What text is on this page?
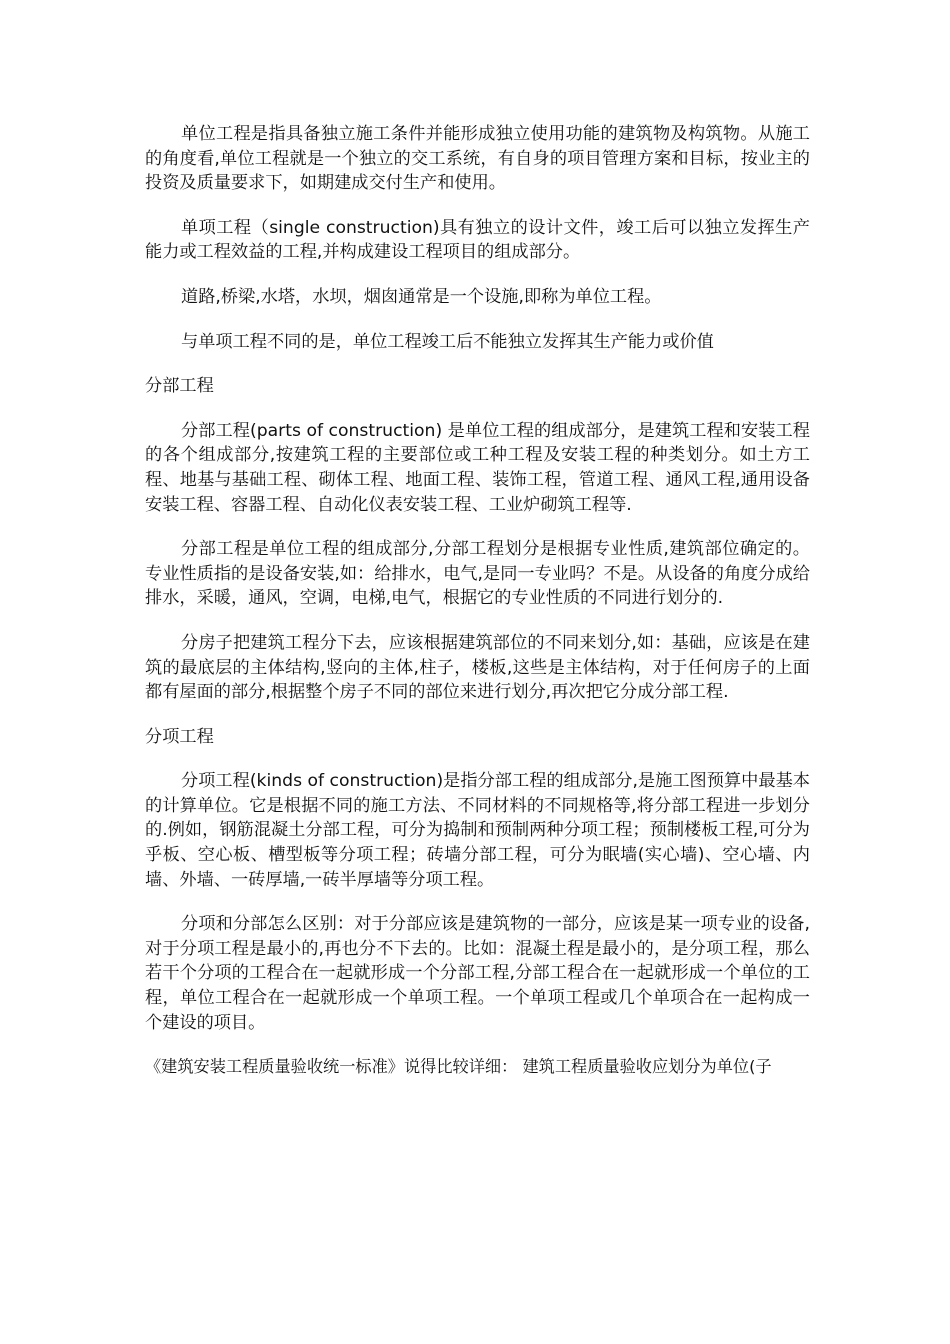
单位工程是指具备独立施工条件并能形成独立使用功能的建筑物及构筑物。从施工的角度看,单位工程就是一个独立的交工系统，有自身的项目管理方案和目标，按业主的投资及质量要求下，如期建成交付生产和使用。

单项工程（single construction)具有独立的设计文件，竣工后可以独立发挥生产能力或工程效益的工程,并构成建设工程项目的组成部分。

道路,桥梁,水塔，水坝，烟囱通常是一个设施,即称为单位工程。

与单项工程不同的是，单位工程竣工后不能独立发挥其生产能力或价值

分部工程

分部工程(parts of construction) 是单位工程的组成部分，是建筑工程和安装工程的各个组成部分,按建筑工程的主要部位或工种工程及安装工程的种类划分。如土方工程、地基与基础工程、砌体工程、地面工程、装饰工程，管道工程、通风工程,通用设备安装工程、容器工程、自动化仪表安装工程、工业炉砌筑工程等.

分部工程是单位工程的组成部分,分部工程划分是根据专业性质,建筑部位确定的。专业性质指的是设备安装,如：给排水，电气,是同一专业吗？不是。从设备的角度分成给排水，采暖，通风，空调，电梯,电气，根据它的专业性质的不同进行划分的.

分房子把建筑工程分下去，应该根据建筑部位的不同来划分,如：基础，应该是在建筑的最底层的主体结构,竖向的主体,柱子，楼板,这些是主体结构，对于任何房子的上面都有屋面的部分,根据整个房子不同的部位来进行划分,再次把它分成分部工程.

分项工程

分项工程(kinds of construction)是指分部工程的组成部分,是施工图预算中最基本的计算单位。它是根据不同的施工方法、不同材料的不同规格等,将分部工程进一步划分的.例如，钢筋混凝土分部工程，可分为捣制和预制两种分项工程；预制楼板工程,可分为乎板、空心板、槽型板等分项工程；砖墙分部工程，可分为眠墙(实心墙)、空心墙、内墙、外墙、一砖厚墙,一砖半厚墙等分项工程。

分项和分部怎么区别：对于分部应该是建筑物的一部分，应该是某一项专业的设备,对于分项工程是最小的,再也分不下去的。比如：混凝土程是最小的，是分项工程，那么若干个分项的工程合在一起就形成一个分部工程,分部工程合在一起就形成一个单位的工程，单位工程合在一起就形成一个单项工程。一个单项工程或几个单项合在一起构成一个建设的项目。

《建筑安装工程质量验收统一标准》说得比较详细： 建筑工程质量验收应划分为单位(子
